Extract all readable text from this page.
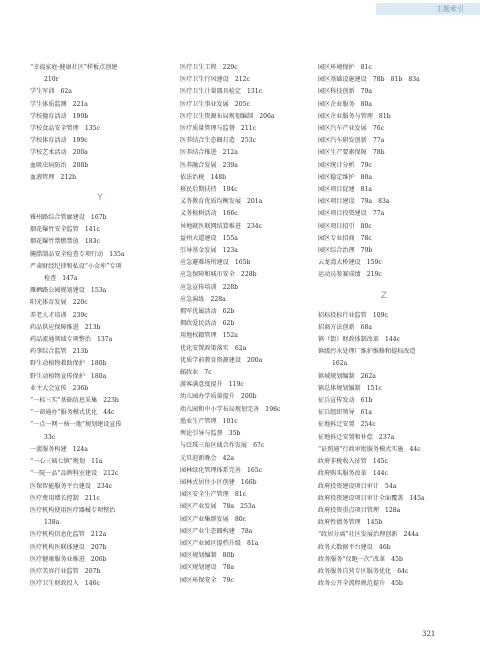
主题索引
“幸福家庭·健康社区”样板点创建
210r
学生军训　62a
学生体质监测　221a
学校德育活动　199b
学校食品安全管理　135c
学校体育活动　199c
学校艺术活动　200a
血吸虫病防治　208b
血液管理　212b
Y
雅州路综合管廊建设　167b
烟花爆竹安全监管　141c
烟花爆竹禁燃禁放　183c
腌腊制品安全检查专项行动　135a
严肃财经纪律和私设“小金库”专项
检查　147a
雁栖路公园规划建设　153a
阳光体育发展　220c
养老人才培训　239c
药品供应保障推进　213b
药品流通领域专项整治　137a
药事综合监管　213b
野生动植物救助保护　180b
野生动植物宣传保护　180a
业主大会宣传　236b
“一标三实”基础信息采集　223b
“一窗通办”服务模式优化　44c
“一点一网一核一地”规划建设宣传
33c
一流服务构建　124a
“一心三城七镇”规划　11a
“一院一品”品牌科室建设　212c
医保智能服务平台建设　234c
医疗费用增长控制　211c
医疗机构使用医疗器械专项整治
138a
医疗机构信息化监管　212a
医疗机构医联体建设　207b
医疗健康服务业推进　206b
医疗美容行业监管　207b
医疗卫生财政投入　146c
医疗卫生工程　229c
医疗卫生行风建设　212c
医疗卫生计量器具检定　131c
医疗卫生事业发展　205c
医疗卫生资源布局规划编制　206a
医疗质量管理与监督　211c
医养结合生态圈打造　253c
医养结合推进　212a
医养融合发展　239a
依法治税　148b
移民后期扶持　104c
义务教育优质均衡发展　201a
义务植树活动　166c
异地就医联网结算推进　234c
益州大道建设　155a
引导基金发展　123a
应急避难场所建设　165b
应急保障和城市安全　228b
应急宣传培训　228b
应急演练　228a
拥军优属活动　62b
拥政爱民活动　62b
用地权籍管理　152a
优化安置政策落实　62a
优质学前教育资源建设　200a
邮政业　7c
游客满意度提升　119c
幼儿园办学质量提升　200b
幼儿园和中小学布局规划完善　198c
渔业生产管理　101c
舆论引导与监督　35b
与泛珠三角区域合作发展　67c
元旦迎新晚会　42a
园林绿化管理体系完善　165c
园林式居住小区创建　166b
园区安全生产管理　81c
园区产业发展　78a　253a
园区产业集群发展　80c
园区产业生态圈构建　78a
园区产业园区提档升级　81a
园区规划编制　80b
园区规划建设　78a
园区环保安全　79c
园区环境保护　81c
园区基础设施建设　78b　81b　83a
园区科技创新　79a
园区企业服务　80a
园区企业服务与管理　81b
园区汽车产业发展　76c
园区汽车研发创新　77a
园区生产要素保障　78b
园区统计分析　79c
园区稳定维护　80a
园区项目促建　81a
园区项目建设　79a　83a
园区项目投资建设　77a
园区项目招引　80c
园区专业招商　78c
园区综合治理　79b
云龙湾大桥建设　159c
运动员参赛成绩　219c
Z
招标投标行业监管　109c
招商方法创新　68a
镇（街）财政体制改革　144c
镇级污水处理厂维护维修和提标改造
162a
镇域规划编制　262a
镇总体规划编制　151c
征兵宣传发动　61b
征兵组织领导　61a
征地拆迁安置　254c
征地拆迁安置和补偿　237a
“证照通”行政审批服务模式实施　44c
政府非税收入征管　145c
政府购买服务改革　144c
政府投资建设项目审计　54a
政府投资建设项目审计全面覆盖　145a
政府投资重点项目管理　128a
政府性债务管理　145b
“政居分离”社区发展治理创新　244a
政务大数据平台建设　46b
政务服务“仅跑一次”改革　45b
政务服务自营专区服务优化　64c
政务公开全流程规范提升　45b
321
